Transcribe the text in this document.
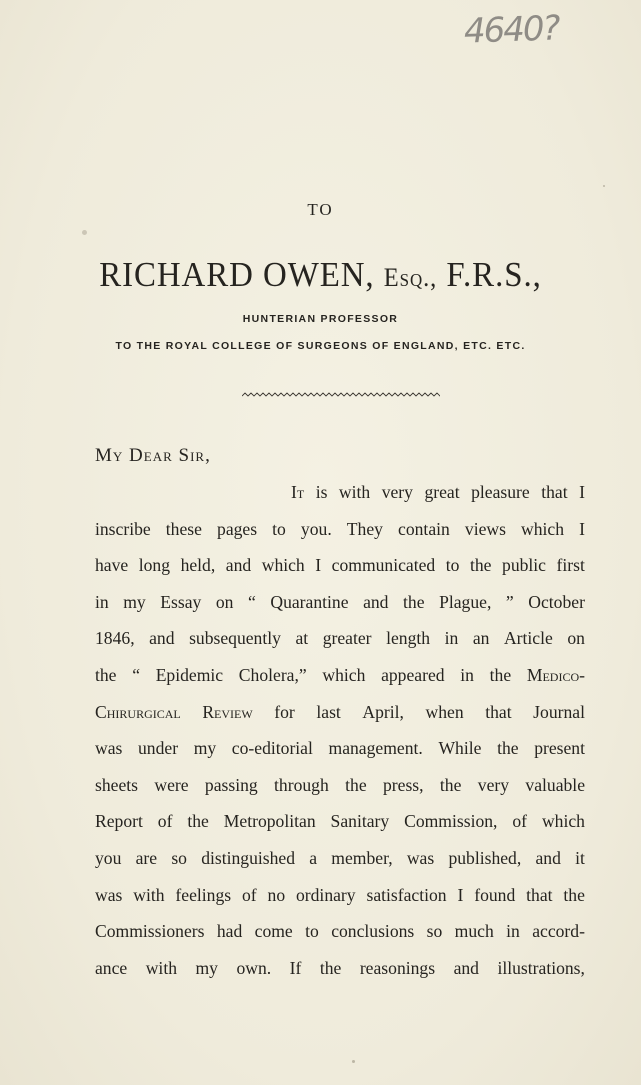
4640?
TO
RICHARD OWEN, Esq., F.R.S.,
HUNTERIAN PROFESSOR
TO THE ROYAL COLLEGE OF SURGEONS OF ENGLAND, ETC. ETC.
My Dear Sir,
It is with very great pleasure that I
inscribe these pages to you. They contain views which I
have long held, and which I communicated to the public first
in my Essay on “ Quarantine and the Plague, ” October
1846, and subsequently at greater length in an Article on
the “ Epidemic Cholera,” which appeared in the Medico-
Chirurgical Review for last April, when that Journal
was under my co-editorial management. While the present
sheets were passing through the press, the very valuable
Report of the Metropolitan Sanitary Commission, of which
you are so distinguished a member, was published, and it
was with feelings of no ordinary satisfaction I found that the
Commissioners had come to conclusions so much in accord-
ance with my own. If the reasonings and illustrations,
